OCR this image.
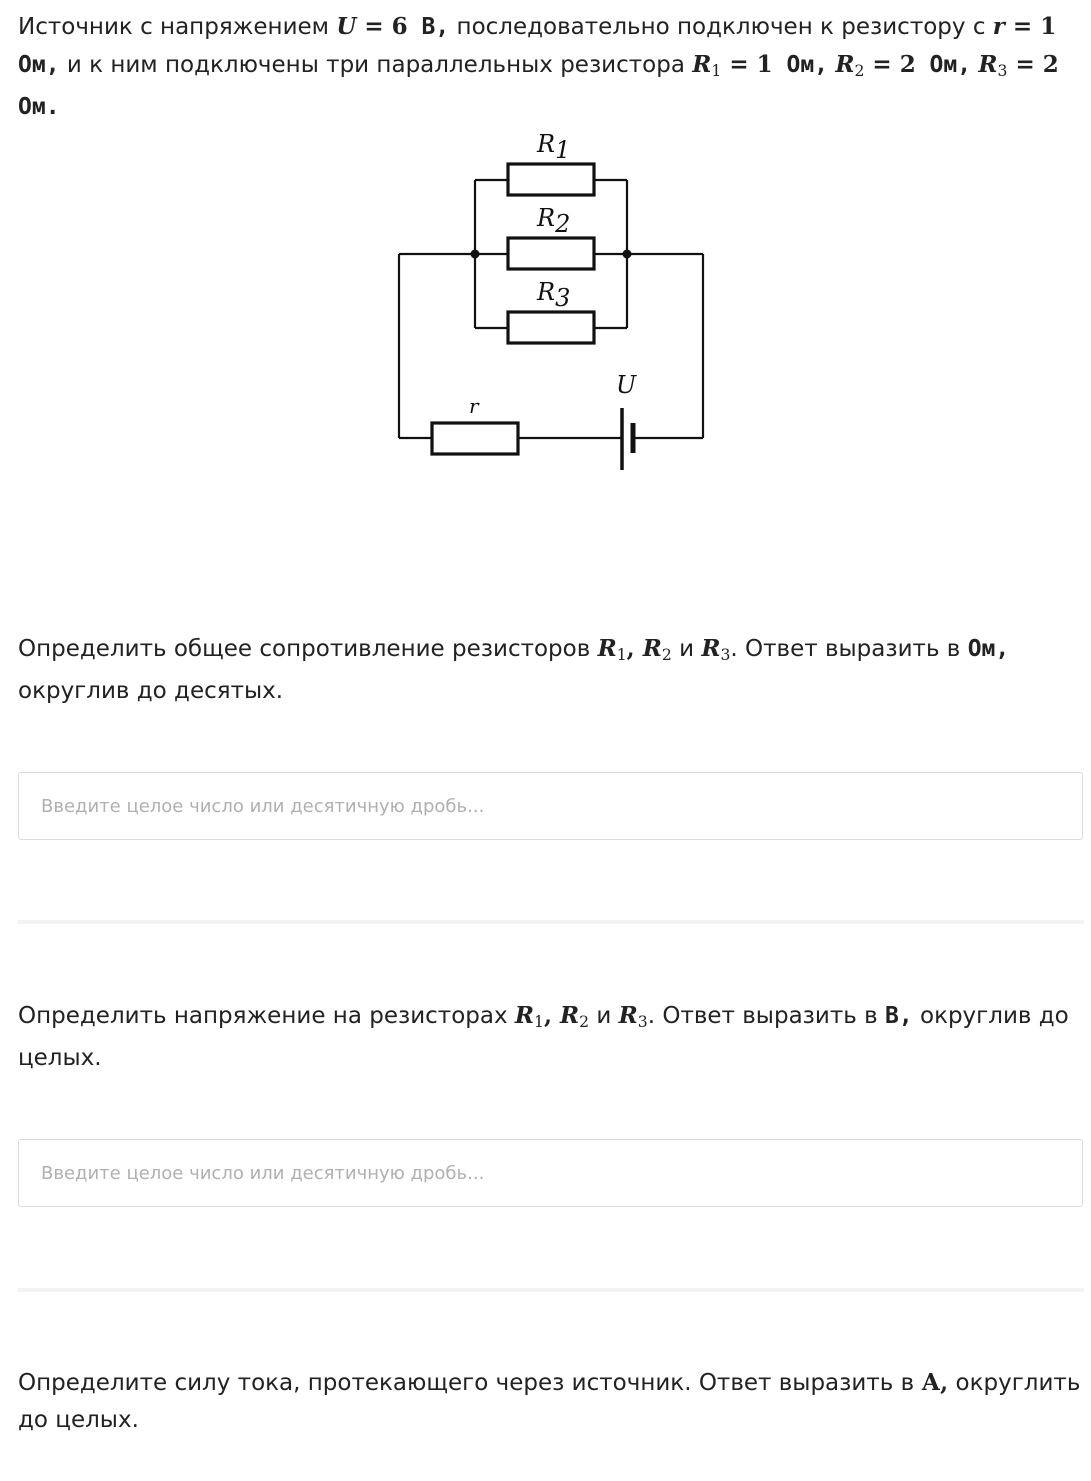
Источник с напряжением U = 6 В, последовательно подключен к резистору с r = 1 Ом, и к ним подключены три параллельных резистора $R_1 = 1$ Ом, $R_2 = 2$ Ом, $R_3 = 2$ Ом.

R1
R2
R3
r
U

Определить общее сопротивление резисторов $R_1$, $R_2$ и $R_3$. Ответ выразить в Ом, округлив до десятых.

Введите целое число или десятичную дробь...

Определить напряжение на резисторах $R_1$, $R_2$ и $R_3$. Ответ выразить в В, округлив до целых.

Введите целое число или десятичную дробь...

Определите силу тока, протекающего через источник. Ответ выразить в А, округлить до целых.
